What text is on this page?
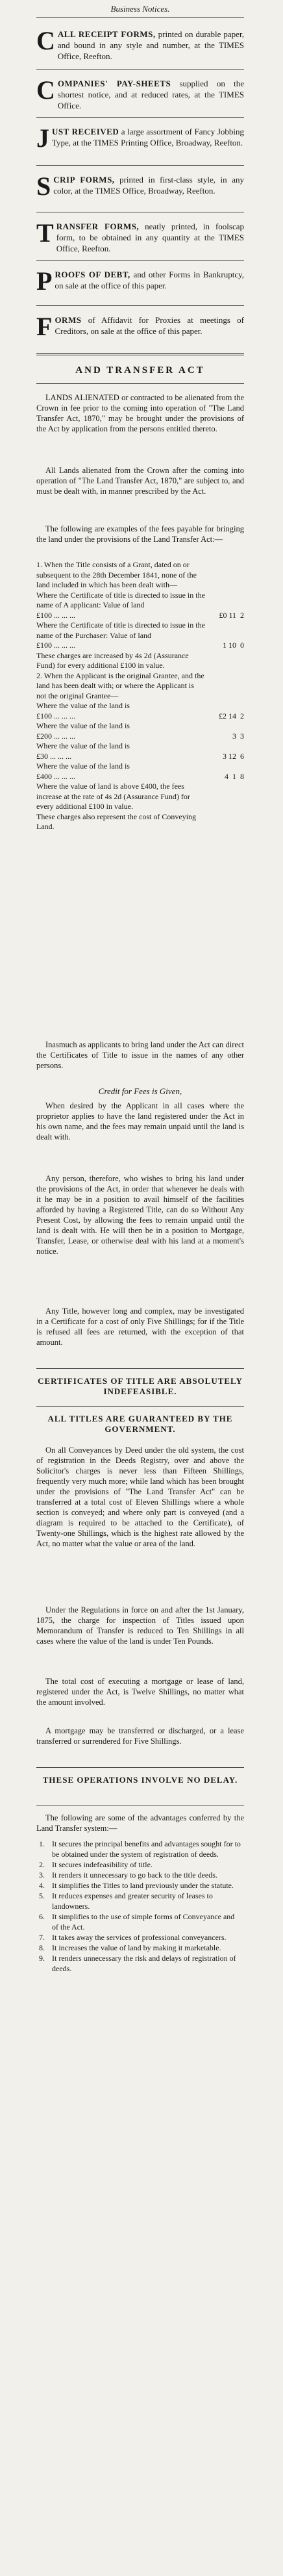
Business Notices.
C ALL RECEIPT FORMS, printed on durable paper, and bound in any style and number, at the TIMES Office, Reefton.
C OMPANIES' PAY-SHEETS supplied on the shortest notice, and at reduced rates, at the TIMES Office.
J UST RECEIVED a large assortment of Fancy Jobbing Type, at the TIMES Printing Office, Broadway, Reefton.
S CRIP FORMS, printed in first-class style, in any color, at the TIMES Office, Broadway, Reefton.
T RANSFER FORMS, neatly printed, in foolscap form, to be obtained in any quantity at the TIMES Office, Reefton.
P ROOFS OF DEBT, and other Forms in Bankruptcy, on sale at the office of this paper.
F ORMS of Affidavit for Proxies at meetings of Creditors, on sale at the office of this paper.
AND TRANSFER ACT
LANDS ALIENATED or contracted to be alienated from the Crown in fee prior to the coming into operation of "The Land Transfer Act, 1870," may be brought under the provisions of the Act by application from the persons entitled thereto.
All Lands alienated from the Crown after the coming into operation of "The Land Transfer Act, 1870," are subject to, and must be dealt with, in manner prescribed by the Act.
The following are examples of the fees payable for bringing the land under the provisions of the Land Transfer Act:—
1. When the Title consists of a Grant, dated on or subsequent to the 28th December 1841, none of the land included in which has been dealt with—
Where the Certificate of title is directed to issue in the name of A applicant: Value of land
£100 ... ... ...	£0 11  2
Where the Certificate of title is directed to issue in the name of the Purchaser: Value of land
£100 ... ... ...	1 10  0
These charges are increased by 4s 2d (Assurance Fund) for every additional £100 in value.
2. When the Applicant is the original Grantee, and the land has been dealt with; or where the Applicant is not the original Grantee—
Where the value of the land is
£100 ... ... ...	£2 14  2
Where the value of the land is
£200 ... ... ...	3  3
Where the value of the land is
£30 ... ... ...	3 12  6
Where the value of the land is
£400 ... ... ...	4  1  8
Where the value of land is above £400, the fees increase at the rate of 4s 2d (Assurance Fund) for every additional £100 in value.
These charges also represent the cost of Conveying Land.
Inasmuch as applicants to bring land under the Act can direct the Certificates of Title to issue in the names of any other persons.
Credit for Fees is Given,
When desired by the Applicant in all cases where the proprietor applies to have the land registered under the Act in his own name, and the fees may remain unpaid until the land is dealt with.
Any person, therefore, who wishes to bring his land under the provisions of the Act, in order that whenever he deals with it he may be in a position to avail himself of the facilities afforded by having a Registered Title, can do so Without Any Present Cost, by allowing the fees to remain unpaid until the land is dealt with. He will then be in a position to Mortgage, Transfer, Lease, or otherwise deal with his land at a moment's notice.
Any Title, however long and complex, may be investigated in a Certificate for a cost of only Five Shillings; for if the Title is refused all fees are returned, with the exception of that amount.
CERTIFICATES OF TITLE ARE ABSOLUTELY INDEFEASIBLE.
ALL TITLES ARE GUARANTEED BY THE GOVERNMENT.
On all Conveyances by Deed under the old system, the cost of registration in the Deeds Registry, over and above the Solicitor's charges is never less than Fifteen Shillings, frequently very much more; while land which has been brought under the provisions of "The Land Transfer Act" can be transferred at a total cost of Eleven Shillings where a whole section is conveyed; and where only part is conveyed (and a diagram is required to be attached to the Certificate), of Twenty-one Shillings, which is the highest rate allowed by the Act, no matter what the value or area of the land.
Under the Regulations in force on and after the 1st January, 1875, the charge for inspection of Titles issued upon Memorandum of Transfer is reduced to Ten Shillings in all cases where the value of the land is under Ten Pounds.
The total cost of executing a mortgage or lease of land, registered under the Act, is Twelve Shillings, no matter what the amount involved.
A mortgage may be transferred or discharged, or a lease transferred or surrendered for Five Shillings.
THESE OPERATIONS INVOLVE NO DELAY.
The following are some of the advantages conferred by the Land Transfer system:—
1. It secures the principal benefits and advantages sought for to be obtained under the system of registration of deeds.
2. It secures indefeasibility of title.
3. It renders it unnecessary to go back to the title deeds.
4. It simplifies the Titles to land previously under the statute.
5. It reduces expenses and greater security of leases to landowners.
6. It simplifies to the use of simple forms of Conveyance and of the Act.
7. It takes away the services of professional conveyancers.
8. It increases the value of land by making it marketable.
9. It renders unnecessary the risk and delays of registration of deeds.
